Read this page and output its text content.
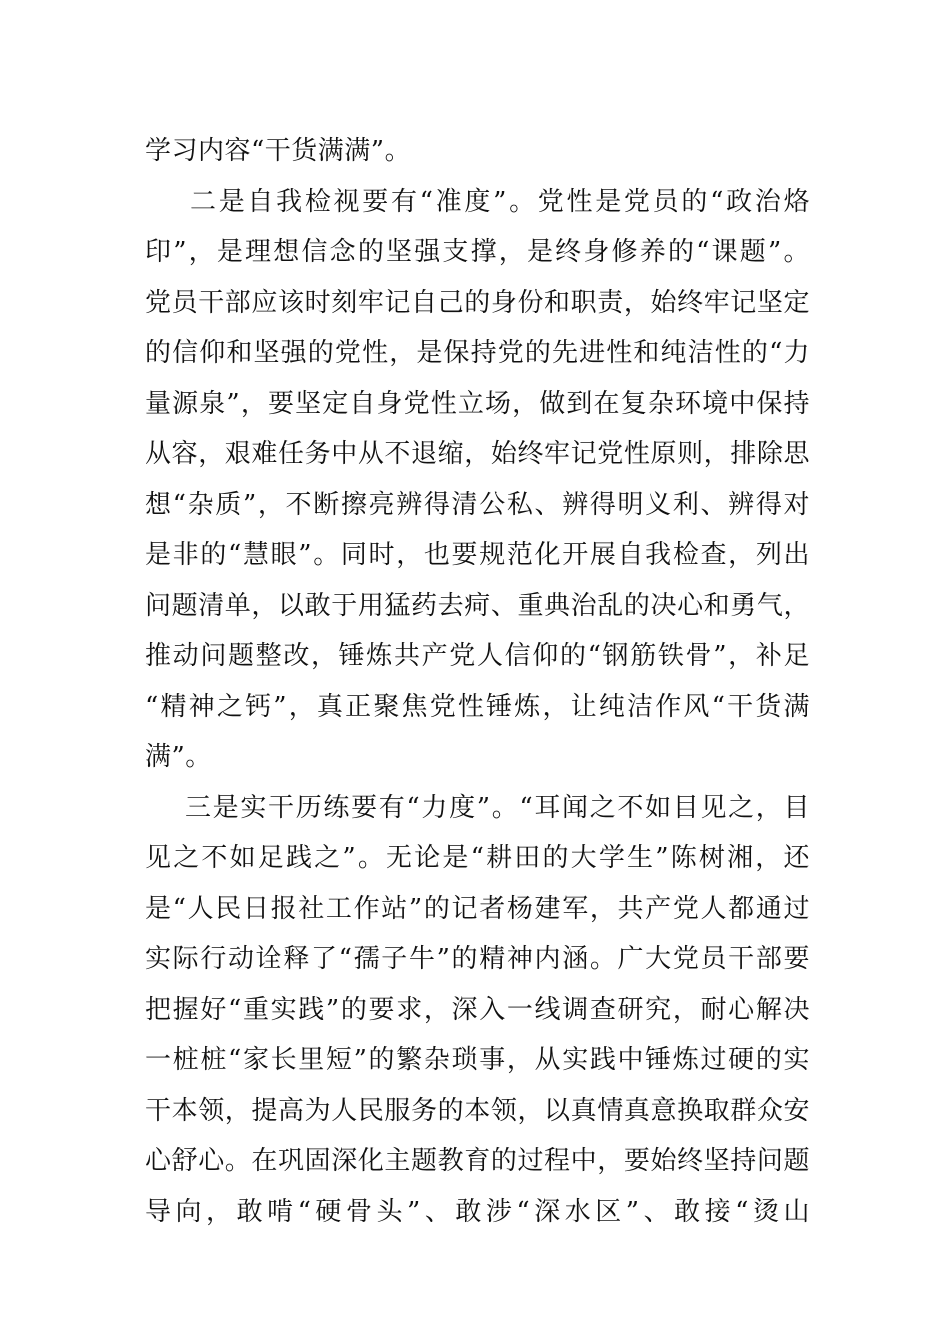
学习内容“干货满满”。
二是自我检视要有“准度”。党性是党员的“政治烙
印”，是理想信念的坚强支撑，是终身修养的“课题”。
党员干部应该时刻牢记自己的身份和职责，始终牢记坚定
的信仰和坚强的党性，是保持党的先进性和纯洁性的“力
量源泉”，要坚定自身党性立场，做到在复杂环境中保持
从容，艰难任务中从不退缩，始终牢记党性原则，排除思
想“杂质”，不断擦亮辨得清公私、辨得明义利、辨得对
是非的“慧眼”。同时，也要规范化开展自我检查，列出
问题清单，以敢于用猛药去疴、重典治乱的决心和勇气，
推动问题整改，锤炼共产党人信仰的“钢筋铁骨”，补足
“精神之钙”，真正聚焦党性锤炼，让纯洁作风“干货满
满”。
三是实干历练要有“力度”。“耳闻之不如目见之，目
见之不如足践之”。无论是“耕田的大学生”陈树湘，还
是“人民日报社工作站”的记者杨建军，共产党人都通过
实际行动诠释了“孺子牛”的精神内涵。广大党员干部要
把握好“重实践”的要求，深入一线调查研究，耐心解决
一桩桩“家长里短”的繁杂琐事，从实践中锤炼过硬的实
干本领，提高为人民服务的本领，以真情真意换取群众安
心舒心。在巩固深化主题教育的过程中，要始终坚持问题
导向，敢啃“硬骨头”、敢涉“深水区”、敢接“烫山
